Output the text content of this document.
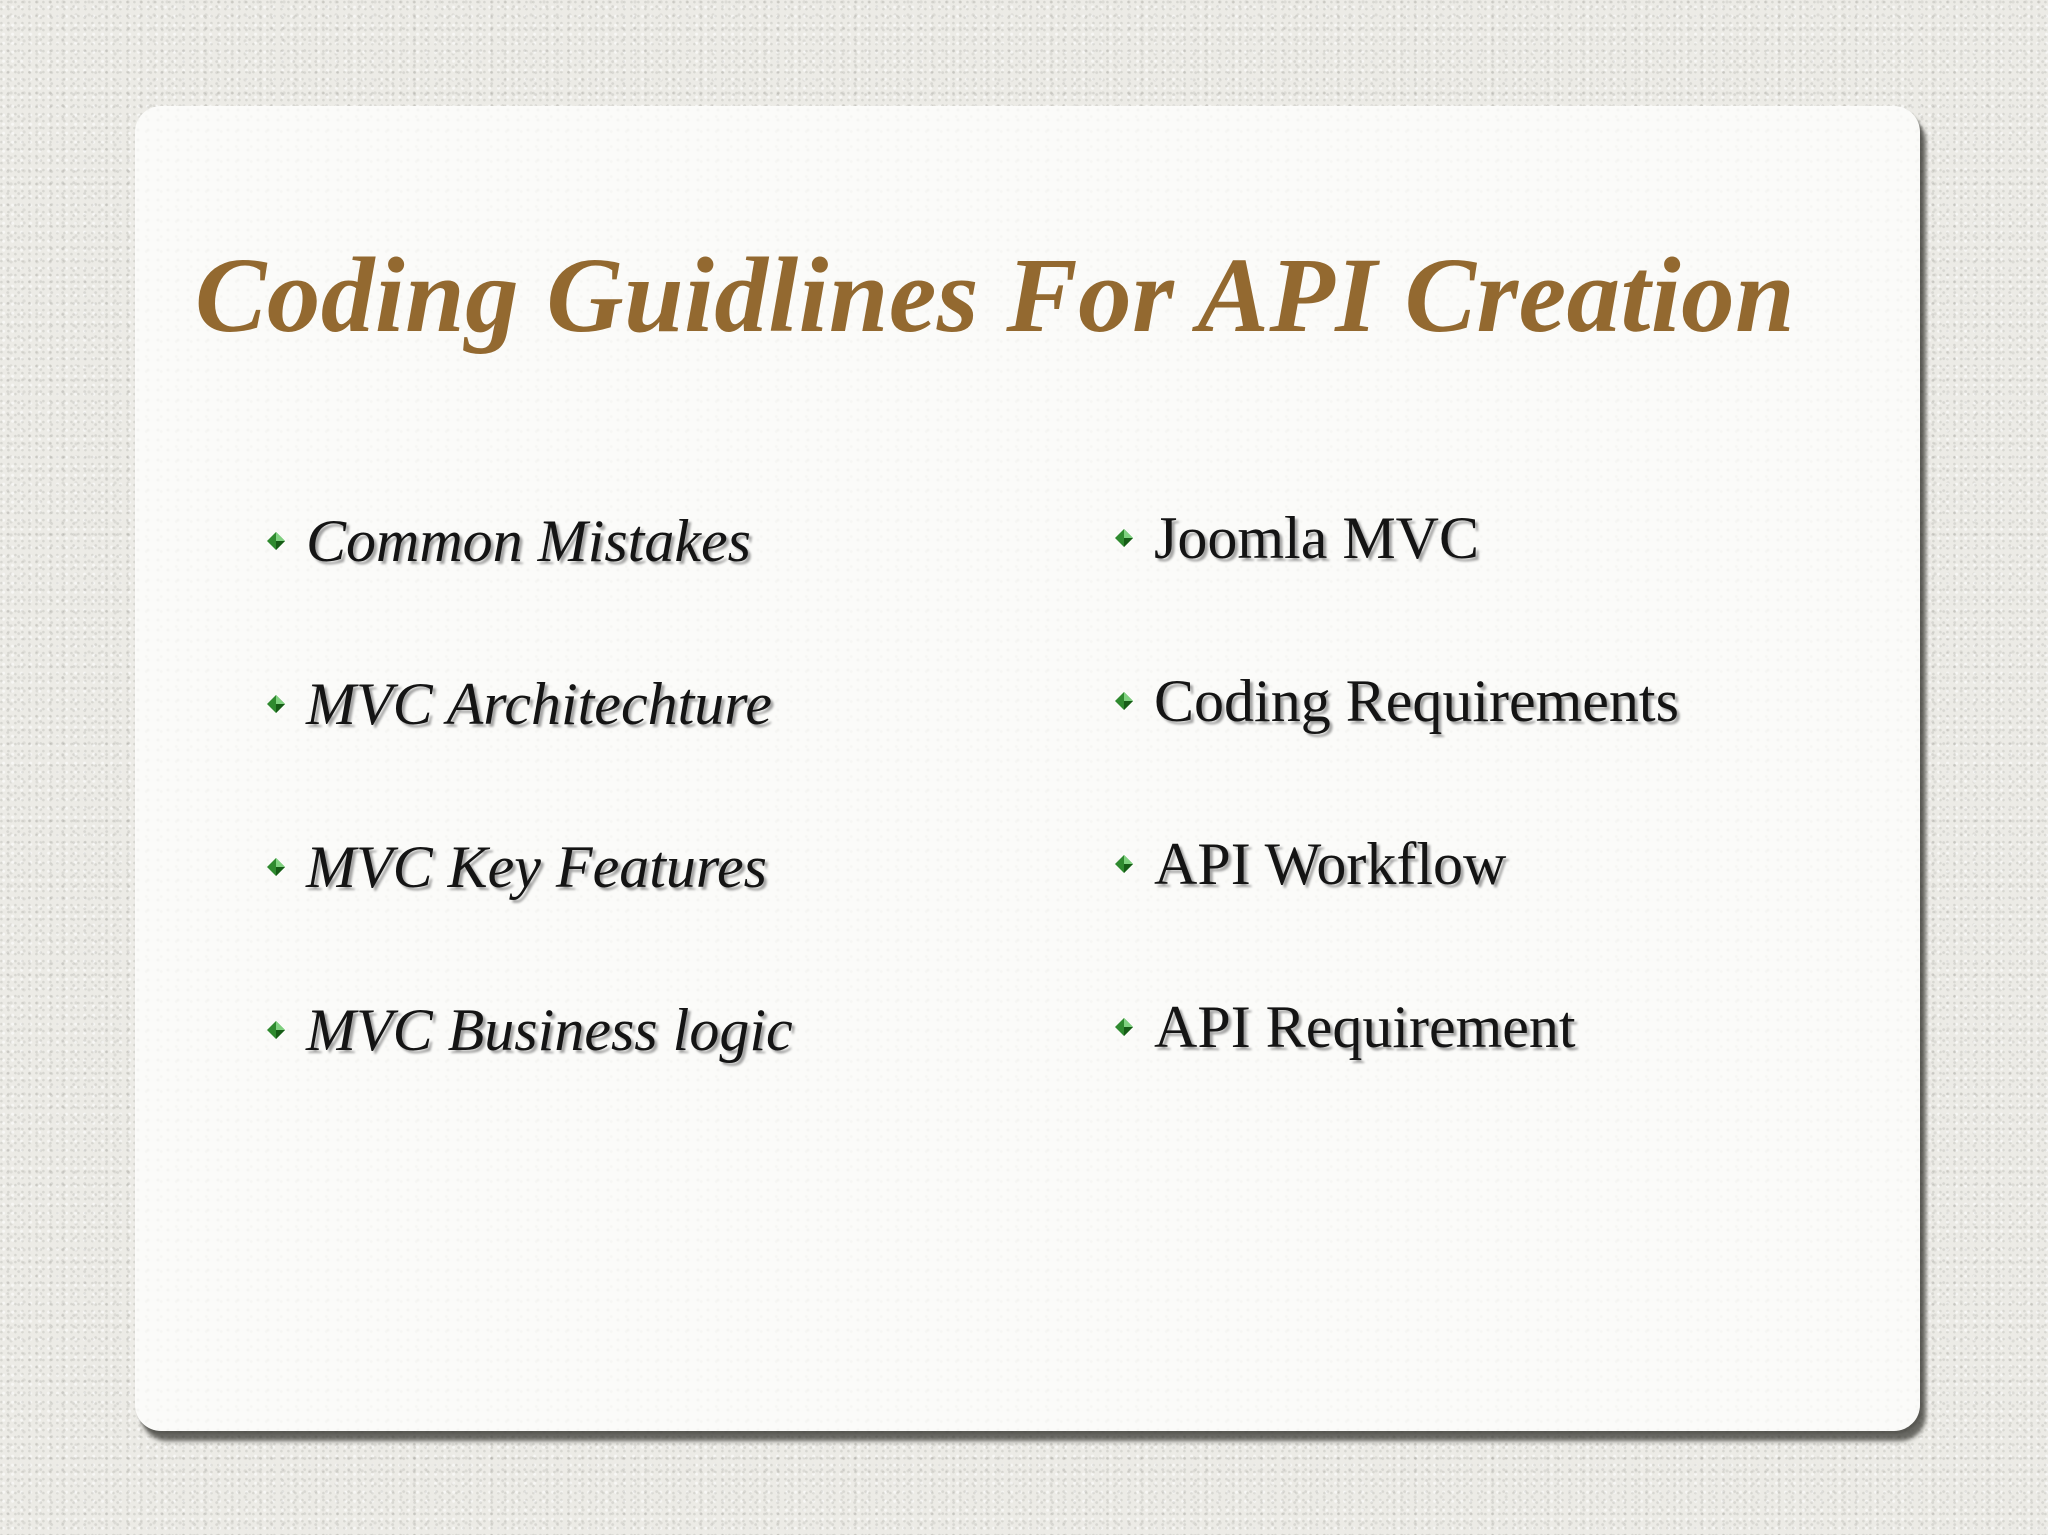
Coding Guidlines For API Creation
Common Mistakes
MVC Architechture
MVC Key Features
MVC Business logic
Joomla MVC
Coding Requirements
API Workflow
API Requirement
